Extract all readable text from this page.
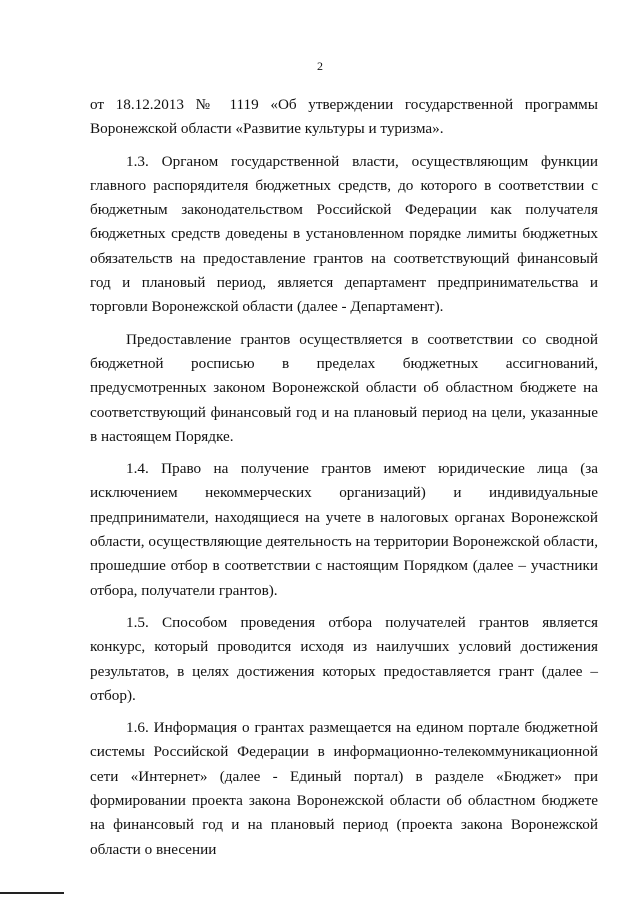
2

от 18.12.2013 № 1119 «Об утверждении государственной программы Воронежской области «Развитие культуры и туризма».

1.3. Органом государственной власти, осуществляющим функции главного распорядителя бюджетных средств, до которого в соответствии с бюджетным законодательством Российской Федерации как получателя бюджетных средств доведены в установленном порядке лимиты бюджетных обязательств на предоставление грантов на соответствующий финансовый год и плановый период, является департамент предпринимательства и торговли Воронежской области (далее - Департамент).

Предоставление грантов осуществляется в соответствии со сводной бюджетной росписью в пределах бюджетных ассигнований, предусмотренных законом Воронежской области об областном бюджете на соответствующий финансовый год и на плановый период на цели, указанные в настоящем Порядке.

1.4. Право на получение грантов имеют юридические лица (за исключением некоммерческих организаций) и индивидуальные предприниматели, находящиеся на учете в налоговых органах Воронежской области, осуществляющие деятельность на территории Воронежской области, прошедшие отбор в соответствии с настоящим Порядком (далее – участники отбора, получатели грантов).

1.5. Способом проведения отбора получателей грантов является конкурс, который проводится исходя из наилучших условий достижения результатов, в целях достижения которых предоставляется грант (далее – отбор).

1.6. Информация о грантах размещается на едином портале бюджетной системы Российской Федерации в информационно-телекоммуникационной сети «Интернет» (далее - Единый портал) в разделе «Бюджет» при формировании проекта закона Воронежской области об областном бюджете на финансовый год и на плановый период (проекта закона Воронежской области о внесении
